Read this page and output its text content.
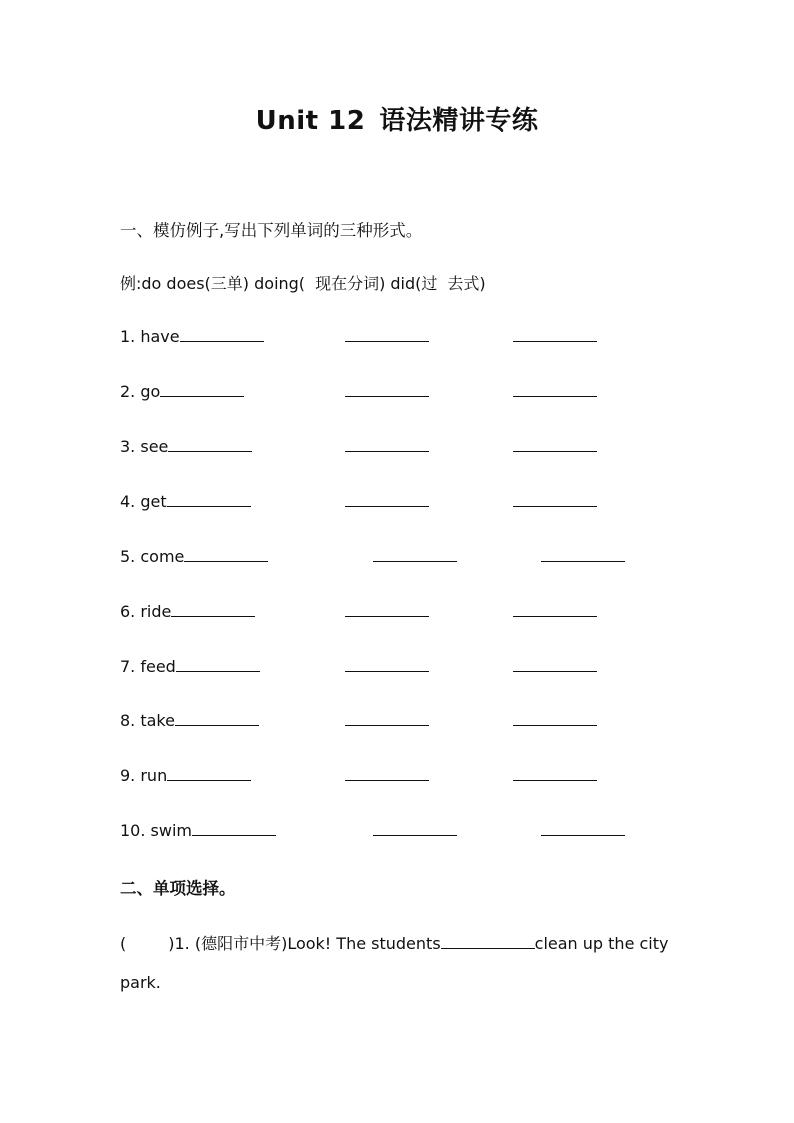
Unit 12 语法精讲专练
一、模仿例子,写出下列单词的三种形式。
例:do does(三单) doing( 现在分词) did(过 去式)
1. have
2. go
3. see
4. get
5. come
6. ride
7. feed
8. take
9. run
10. swim
二、单项选择。
(	)1. (德阳市中考)Look! The students	clean up the city
park.
